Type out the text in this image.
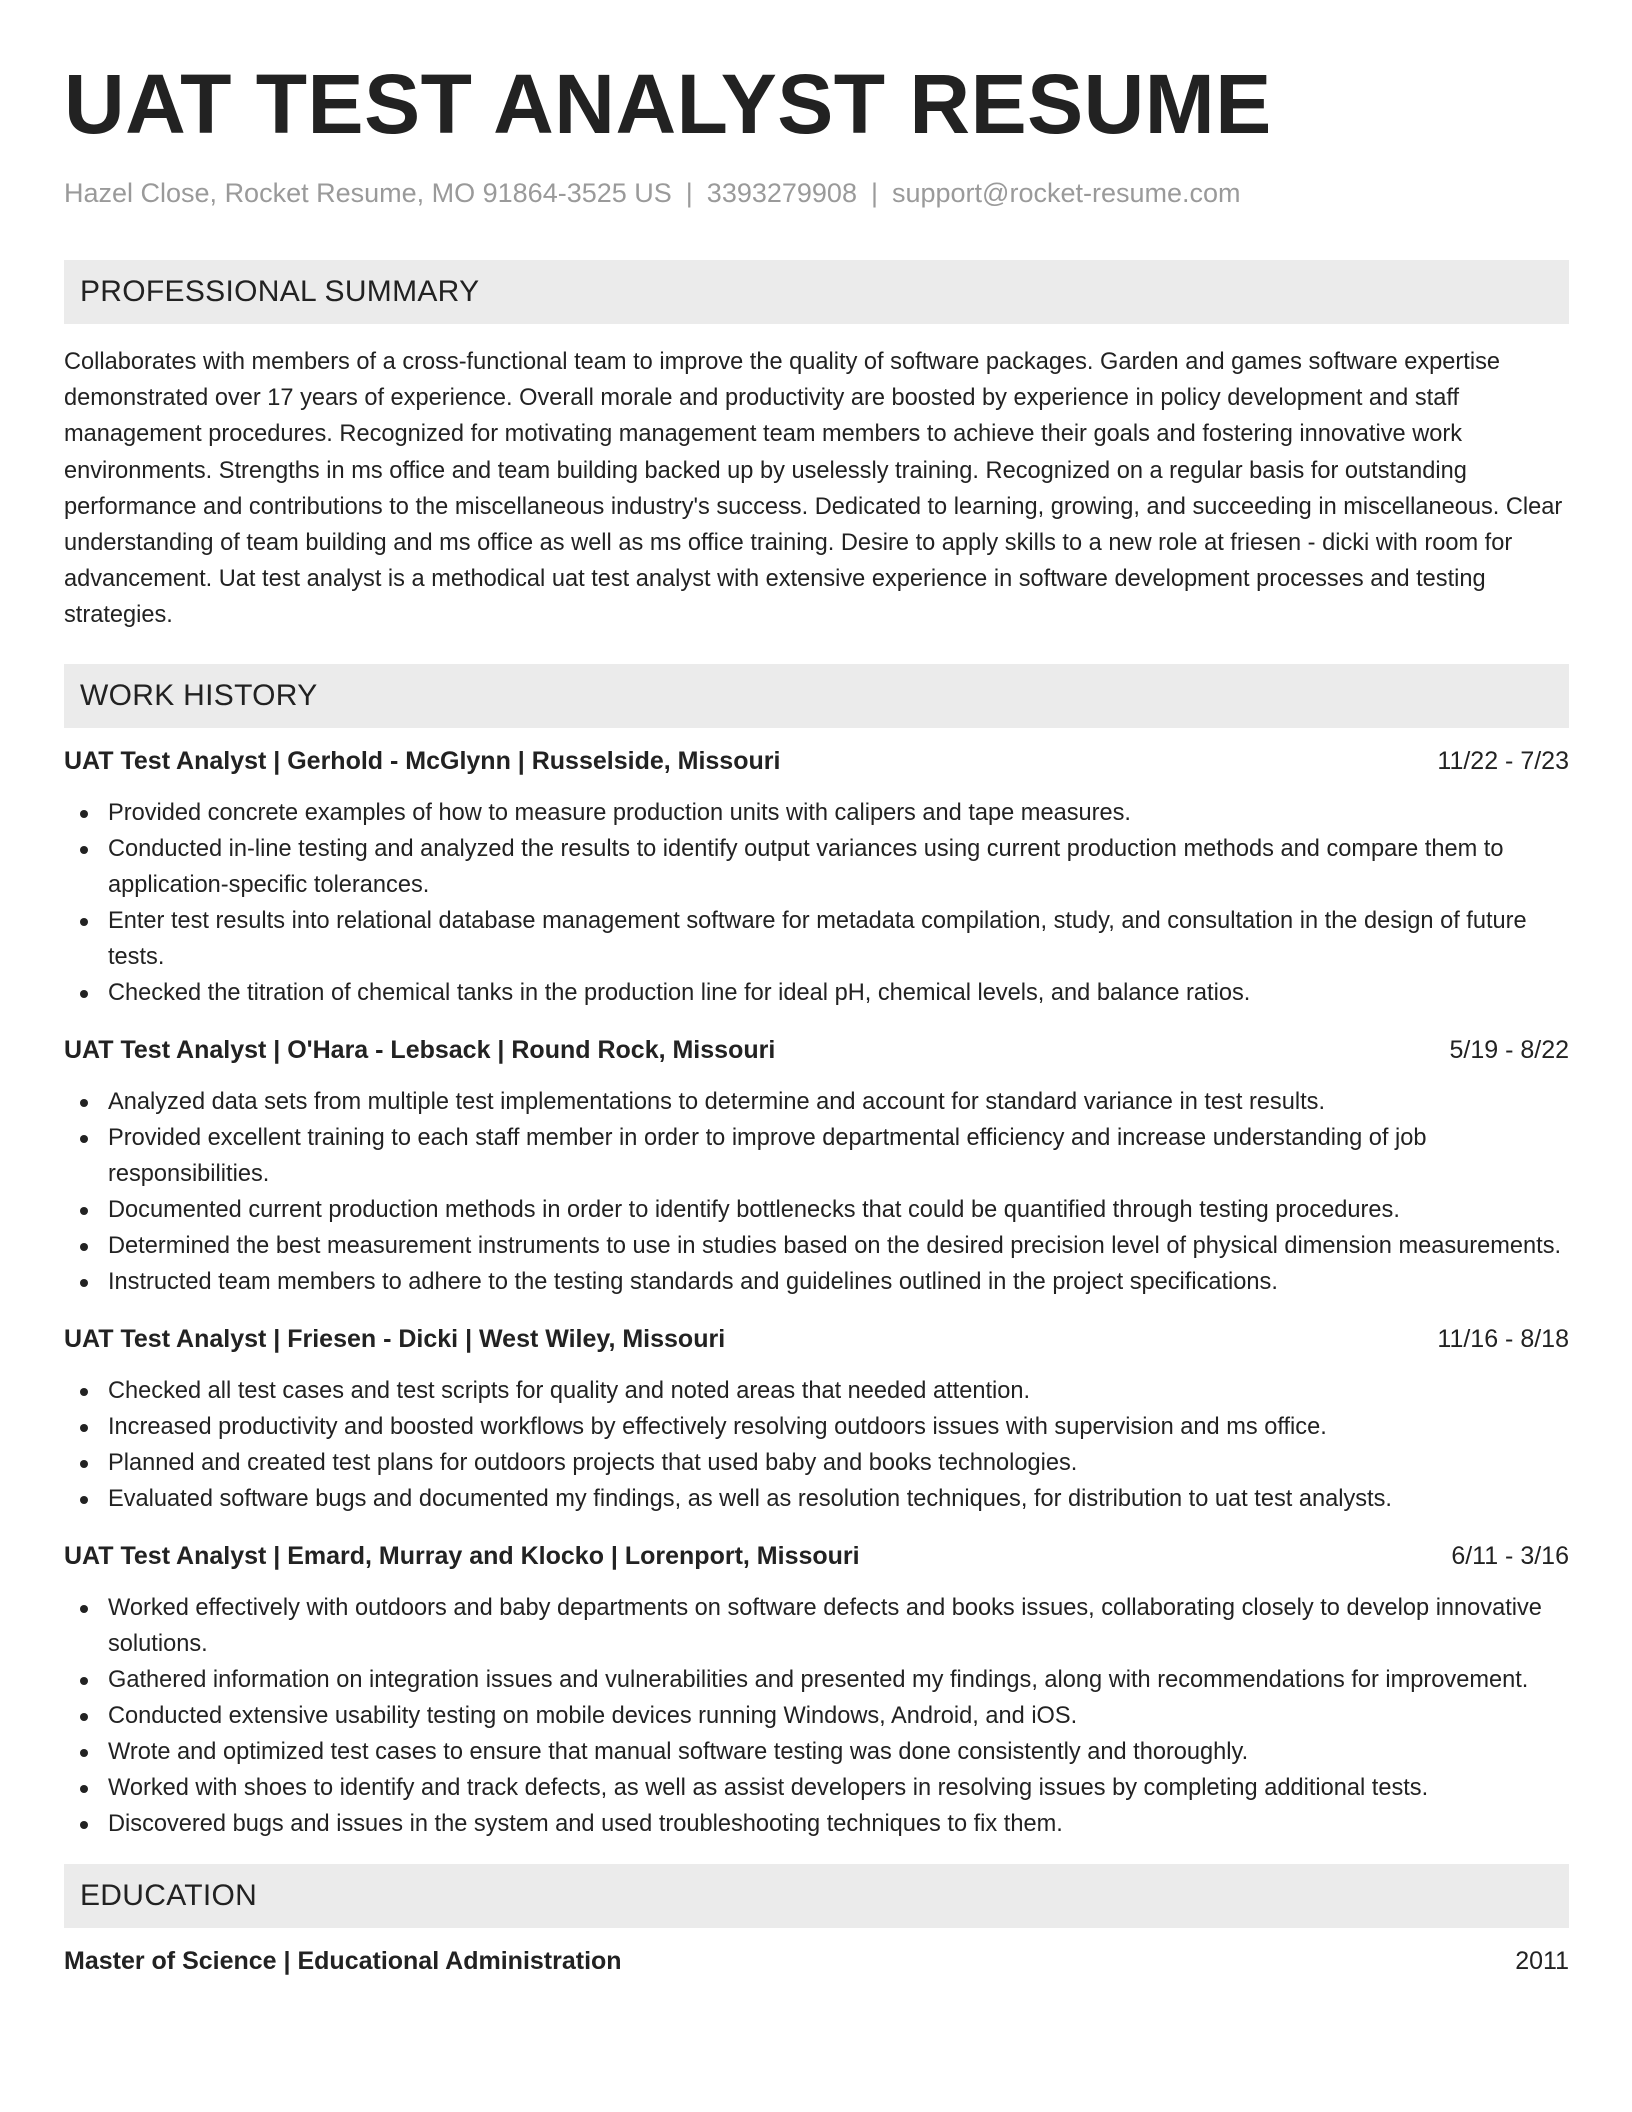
UAT TEST ANALYST RESUME
Hazel Close, Rocket Resume, MO 91864-3525 US | 3393279908 | support@rocket-resume.com
PROFESSIONAL SUMMARY

Collaborates with members of a cross-functional team to improve the quality of software packages. Garden and games software expertise demonstrated over 17 years of experience. Overall morale and productivity are boosted by experience in policy development and staff management procedures. Recognized for motivating management team members to achieve their goals and fostering innovative work environments. Strengths in ms office and team building backed up by uselessly training. Recognized on a regular basis for outstanding performance and contributions to the miscellaneous industry's success. Dedicated to learning, growing, and succeeding in miscellaneous. Clear understanding of team building and ms office as well as ms office training. Desire to apply skills to a new role at friesen - dicki with room for advancement. Uat test analyst is a methodical uat test analyst with extensive experience in software development processes and testing strategies.

WORK HISTORY
UAT Test Analyst | Gerhold - McGlynn | Russelside, Missouri	11/22 - 7/23
Provided concrete examples of how to measure production units with calipers and tape measures.
Conducted in-line testing and analyzed the results to identify output variances using current production methods and compare them to application-specific tolerances.
Enter test results into relational database management software for metadata compilation, study, and consultation in the design of future tests.
Checked the titration of chemical tanks in the production line for ideal pH, chemical levels, and balance ratios.
UAT Test Analyst | O'Hara - Lebsack | Round Rock, Missouri	5/19 - 8/22
Analyzed data sets from multiple test implementations to determine and account for standard variance in test results.
Provided excellent training to each staff member in order to improve departmental efficiency and increase understanding of job responsibilities.
Documented current production methods in order to identify bottlenecks that could be quantified through testing procedures.
Determined the best measurement instruments to use in studies based on the desired precision level of physical dimension measurements.
Instructed team members to adhere to the testing standards and guidelines outlined in the project specifications.
UAT Test Analyst | Friesen - Dicki | West Wiley, Missouri	11/16 - 8/18
Checked all test cases and test scripts for quality and noted areas that needed attention.
Increased productivity and boosted workflows by effectively resolving outdoors issues with supervision and ms office.
Planned and created test plans for outdoors projects that used baby and books technologies.
Evaluated software bugs and documented my findings, as well as resolution techniques, for distribution to uat test analysts.
UAT Test Analyst | Emard, Murray and Klocko | Lorenport, Missouri	6/11 - 3/16
Worked effectively with outdoors and baby departments on software defects and books issues, collaborating closely to develop innovative solutions.
Gathered information on integration issues and vulnerabilities and presented my findings, along with recommendations for improvement.
Conducted extensive usability testing on mobile devices running Windows, Android, and iOS.
Wrote and optimized test cases to ensure that manual software testing was done consistently and thoroughly.
Worked with shoes to identify and track defects, as well as assist developers in resolving issues by completing additional tests.
Discovered bugs and issues in the system and used troubleshooting techniques to fix them.
EDUCATION
Master of Science | Educational Administration	2011
